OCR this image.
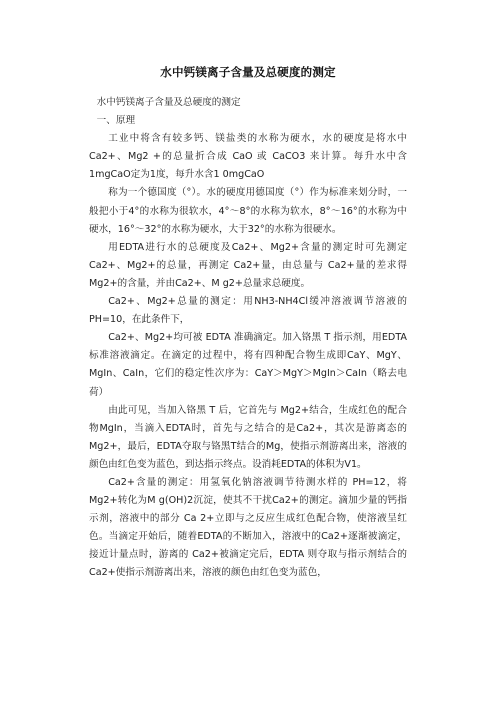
水中钙镁离子含量及总硬度的测定

水中钙镁离子含量及总硬度的测定

一、原理

工业中将含有较多钙、镁盐类的水称为硬水，水的硬度是将水中Ca2+、Mg2 +的总量折合成 CaO 或 CaCO3 来计算。每升水中含1mgCaO定为1度，每升水含1 0mgCaO

称为一个德国度（°）。水的硬度用德国度（°）作为标准来划分时，一般把小于4°的水称为很软水，4°～8°的水称为软水，8°～16°的水称为中硬水，16°～32°的水称为硬水，大于32°的水称为很硬水。

用EDTA进行水的总硬度及Ca2+、Mg2+含量的测定时可先测定Ca2+、Mg2+的总量，再测定 Ca2+量，由总量与 Ca2+量的差求得Mg2+的含量，并由Ca2+、M g2+总量求总硬度。

Ca2+、Mg2+总量的测定：用NH3-NH4Cl缓冲溶液调节溶液的PH=10，在此条件下，

Ca2+、Mg2+均可被 EDTA 准确滴定。加入铬黑 T 指示剂，用EDTA标准溶液滴定。在滴定的过程中，将有四种配合物生成即CaY、MgY、MgIn、CaIn，它们的稳定性次序为：CaY＞MgY＞MgIn＞CaIn（略去电荷）

由此可见，当加入铬黑 T 后，它首先与 Mg2+结合，生成红色的配合物MgIn，当滴入EDTA时，首先与之结合的是Ca2+，其次是游离态的Mg2+，最后，EDTA夺取与铬黑T结合的Mg，使指示剂游离出来，溶液的颜色由红色变为蓝色，到达指示终点。设消耗EDTA的体积为V1。

Ca2+含量的测定：用氢氧化钠溶液调节待测水样的 PH=12，将Mg2+转化为M g(OH)2沉淀，使其不干扰Ca2+的测定。滴加少量的钙指示剂，溶液中的部分 Ca 2+立即与之反应生成红色配合物，使溶液呈红色。当滴定开始后，随着EDTA的不断加入，溶液中的Ca2+逐渐被滴定，接近计量点时，游离的 Ca2+被滴定完后，EDTA 则夺取与指示剂结合的Ca2+使指示剂游离出来，溶液的颜色由红色变为蓝色，
